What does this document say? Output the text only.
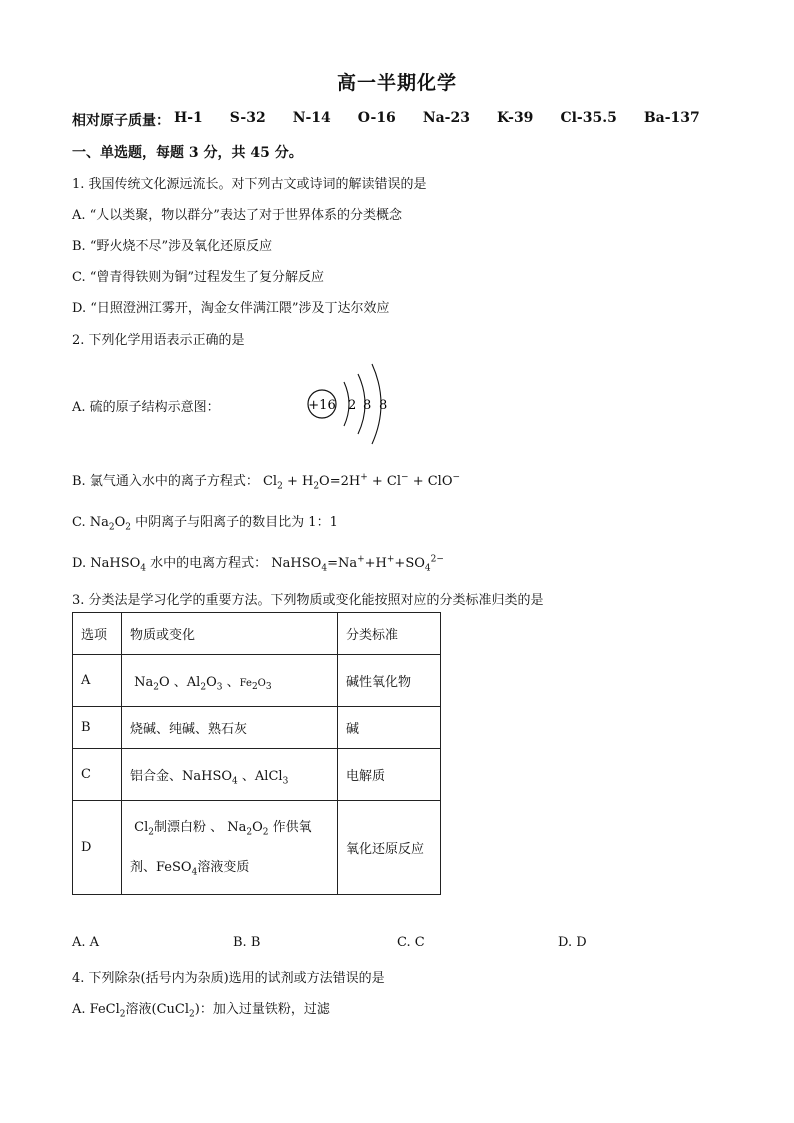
高一半期化学
相对原子质量： H-1 S-32 N-14 O-16 Na-23 K-39 Cl-35.5 Ba-137
一、单选题，每题 3 分，共 45 分。
1. 我国传统文化源远流长。对下列古文或诗词的解读错误的是
A. “人以类聚，物以群分”表达了对于世界体系的分类概念
B. “野火烧不尽”涉及氧化还原反应
C. “曾青得铁则为铜”过程发生了复分解反应
D. “日照澄洲江雾开，淘金女伴满江隈”涉及丁达尔效应
2. 下列化学用语表示正确的是
A. 硫的原子结构示意图：	+16 2 8 8
B. 氯气通入水中的离子方程式： $Cl_2 + H_2O=2H^+ + Cl^- + ClO^-$
C. $Na_2O_2$ 中阴离子与阳离子的数目比为 1：1
D. NaHSO$_4$ 水中的电离方程式： $NaHSO_4=Na^++H^++SO_4^{2-}$
3. 分类法是学习化学的重要方法。下列物质或变化能按照对应的分类标准归类的是
选项	物质或变化	分类标准
A	$Na_2O$ 、$Al_2O_3$ 、$Fe_2O_3$	碱性氧化物
B	烧碱、纯碱、熟石灰	碱
C	铝合金、NaHSO$_4$ 、AlCl$_3$	电解质
D	$Cl_2$制漂白粉 、 $Na_2O_2$ 作供氧
剂、FeSO$_4$溶液变质	氧化还原反应
A. A	B. B	C. C	D. D
4. 下列除杂(括号内为杂质)选用的试剂或方法错误的是
A. FeCl$_2$溶液(CuCl$_2$)：加入过量铁粉，过滤
